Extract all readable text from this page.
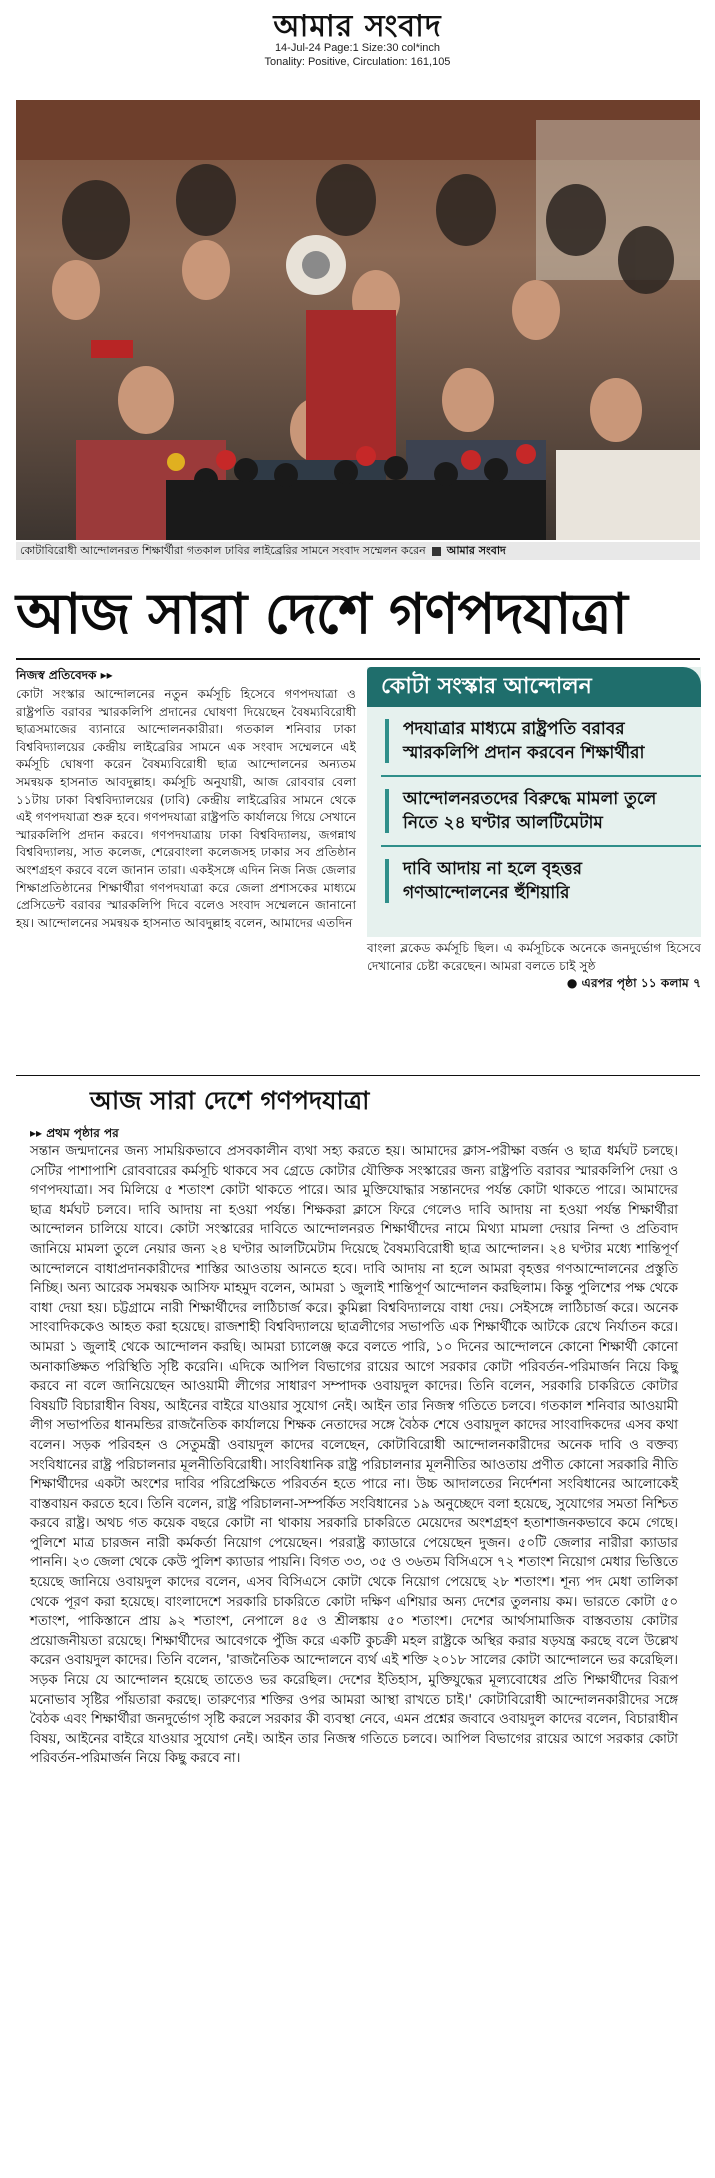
আমার সংবাদ
14-Jul-24 Page:1 Size:30 col*inch
Tonality: Positive, Circulation: 161,105
কোটাবিরোধী আন্দোলনরত শিক্ষার্থীরা গতকাল ঢাবির লাইব্রেরির সামনে সংবাদ সম্মেলন করেন আমার সংবাদ
আজ সারা দেশে গণপদযাত্রা
নিজস্ব প্রতিবেদক ▸▸

কোটা সংস্কার আন্দোলনের নতুন কর্মসূচি হিসেবে গণপদযাত্রা ও রাষ্ট্রপতি বরাবর স্মারকলিপি প্রদানের ঘোষণা দিয়েছেন বৈষম্যবিরোধী ছাত্রসমাজের ব্যানারে আন্দোলনকারীরা। গতকাল শনিবার ঢাকা বিশ্ববিদ্যালয়ের কেন্দ্রীয় লাইব্রেরির সামনে এক সংবাদ সম্মেলনে এই কর্মসূচি ঘোষণা করেন বৈষম্যবিরোধী ছাত্র আন্দোলনের অন্যতম সমন্বয়ক হাসনাত আবদুল্লাহ। কর্মসূচি অনুযায়ী, আজ রোববার বেলা ১১টায় ঢাকা বিশ্ববিদ্যালয়ের (ঢাবি) কেন্দ্রীয় লাইব্রেরির সামনে থেকে এই গণপদযাত্রা শুরু হবে। গণপদযাত্রা রাষ্ট্রপতি কার্যালয়ে গিয়ে সেখানে স্মারকলিপি প্রদান করবে। গণপদযাত্রায় ঢাকা বিশ্ববিদ্যালয়, জগন্নাথ বিশ্ববিদ্যালয়, সাত কলেজ, শেরেবাংলা কলেজসহ ঢাকার সব প্রতিষ্ঠান অংশগ্রহণ করবে বলে জানান তারা। একইসঙ্গে এদিন নিজ নিজ জেলার শিক্ষাপ্রতিষ্ঠানের শিক্ষার্থীরা গণপদযাত্রা করে জেলা প্রশাসকের মাধ্যমে প্রেসিডেন্ট বরাবর স্মারকলিপি দিবে বলেও সংবাদ সম্মেলনে জানানো হয়। আন্দোলনের সমন্বয়ক হাসনাত আবদুল্লাহ বলেন, আমাদের এতদিন

কোটা সংস্কার আন্দোলন
পদযাত্রার মাধ্যমে রাষ্ট্রপতি বরাবর স্মারকলিপি প্রদান করবেন শিক্ষার্থীরা
আন্দোলনরতদের বিরুদ্ধে মামলা তুলে নিতে ২৪ ঘণ্টার আলটিমেটাম
দাবি আদায় না হলে বৃহত্তর গণআন্দোলনের হুঁশিয়ারি
বাংলা ব্লকেড কর্মসূচি ছিল। এ কর্মসূচিকে অনেকে জনদুর্ভোগ হিসেবে দেখানোর চেষ্টা করেছেন। আমরা বলতে চাই সুষ্ঠ
● এরপর পৃষ্ঠা ১১ কলাম ৭
আজ সারা দেশে গণপদযাত্রা
▸▸ প্রথম পৃষ্ঠার পর

সন্তান জন্মদানের জন্য সাময়িকভাবে প্রসবকালীন ব্যথা সহ্য করতে হয়। আমাদের ক্লাস-পরীক্ষা বর্জন ও ছাত্র ধর্মঘট চলছে। সেটির পাশাপাশি রোববারের কর্মসূচি থাকবে সব গ্রেডে কোটার যৌক্তিক সংস্কারের জন্য রাষ্ট্রপতি বরাবর স্মারকলিপি দেয়া ও গণপদযাত্রা। সব মিলিয়ে ৫ শতাংশ কোটা থাকতে পারে। আর মুক্তিযোদ্ধার সন্তানদের পর্যন্ত কোটা থাকতে পারে। আমাদের ছাত্র ধর্মঘট চলবে। দাবি আদায় না হওয়া পর্যন্ত। শিক্ষকরা ক্লাসে ফিরে গেলেও দাবি আদায় না হওয়া পর্যন্ত শিক্ষার্থীরা আন্দোলন চালিয়ে যাবে। কোটা সংস্কারের দাবিতে আন্দোলনরত শিক্ষার্থীদের নামে মিথ্যা মামলা দেয়ার নিন্দা ও প্রতিবাদ জানিয়ে মামলা তুলে নেয়ার জন্য ২৪ ঘণ্টার আলটিমেটাম দিয়েছে বৈষম্যবিরোধী ছাত্র আন্দোলন। ২৪ ঘণ্টার মধ্যে শান্তিপূর্ণ আন্দোলনে বাধাপ্রদানকারীদের শাস্তির আওতায় আনতে হবে। দাবি আদায় না হলে আমরা বৃহত্তর গণআন্দোলনের প্রস্তুতি নিচ্ছি। অন্য আরেক সমন্বয়ক আসিফ মাহমুদ বলেন, আমরা ১ জুলাই শান্তিপূর্ণ আন্দোলন করছিলাম। কিন্তু পুলিশের পক্ষ থেকে বাধা দেয়া হয়। চট্টগ্রামে নারী শিক্ষার্থীদের লাঠিচার্জ করে। কুমিল্লা বিশ্ববিদ্যালয়ে বাধা দেয়। সেইসঙ্গে লাঠিচার্জ করে। অনেক সাংবাদিককেও আহত করা হয়েছে। রাজশাহী বিশ্ববিদ্যালয়ে ছাত্রলীগের সভাপতি এক শিক্ষার্থীকে আটকে রেখে নির্যাতন করে। আমরা ১ জুলাই থেকে আন্দোলন করছি। আমরা চ্যালেঞ্জ করে বলতে পারি, ১০ দিনের আন্দোলনে কোনো শিক্ষার্থী কোনো অনাকাঙ্ক্ষিত পরিস্থিতি সৃষ্টি করেনি। এদিকে আপিল বিভাগের রায়ের আগে সরকার কোটা পরিবর্তন-পরিমার্জন নিয়ে কিছু করবে না বলে জানিয়েছেন আওয়ামী লীগের সাধারণ সম্পাদক ওবায়দুল কাদের। তিনি বলেন, সরকারি চাকরিতে কোটার বিষয়টি বিচারাধীন বিষয়, আইনের বাইরে যাওয়ার সুযোগ নেই। আইন তার নিজস্ব গতিতে চলবে। গতকাল শনিবার আওয়ামী লীগ সভাপতির ধানমন্ডির রাজনৈতিক কার্যালয়ে শিক্ষক নেতাদের সঙ্গে বৈঠক শেষে ওবায়দুল কাদের সাংবাদিকদের এসব কথা বলেন। সড়ক পরিবহন ও সেতুমন্ত্রী ওবায়দুল কাদের বলেছেন, কোটাবিরোধী আন্দোলনকারীদের অনেক দাবি ও বক্তব্য সংবিধানের রাষ্ট্র পরিচালনার মূলনীতিবিরোধী। সাংবিধানিক রাষ্ট্র পরিচালনার মূলনীতির আওতায় প্রণীত কোনো সরকারি নীতি শিক্ষার্থীদের একটা অংশের দাবির পরিপ্রেক্ষিতে পরিবর্তন হতে পারে না। উচ্চ আদালতের নির্দেশনা সংবিধানের আলোকেই বাস্তবায়ন করতে হবে। তিনি বলেন, রাষ্ট্র পরিচালনা-সম্পর্কিত সংবিধানের ১৯ অনুচ্ছেদে বলা হয়েছে, সুযোগের সমতা নিশ্চিত করবে রাষ্ট্র। অথচ গত কয়েক বছরে কোটা না থাকায় সরকারি চাকরিতে মেয়েদের অংশগ্রহণ হতাশাজনকভাবে কমে গেছে। পুলিশে মাত্র চারজন নারী কর্মকর্তা নিয়োগ পেয়েছেন। পররাষ্ট্র ক্যাডারে পেয়েছেন দুজন। ৫০টি জেলার নারীরা ক্যাডার পাননি। ২৩ জেলা থেকে কেউ পুলিশ ক্যাডার পায়নি। বিগত ৩৩, ৩৫ ও ৩৬তম বিসিএসে ৭২ শতাংশ নিয়োগ মেধার ভিত্তিতে হয়েছে জানিয়ে ওবায়দুল কাদের বলেন, এসব বিসিএসে কোটা থেকে নিয়োগ পেয়েছে ২৮ শতাংশ। শূন্য পদ মেধা তালিকা থেকে পূরণ করা হয়েছে। বাংলাদেশে সরকারি চাকরিতে কোটা দক্ষিণ এশিয়ার অন্য দেশের তুলনায় কম। ভারতে কোটা ৫০ শতাংশ, পাকিস্তানে প্রায় ৯২ শতাংশ, নেপালে ৪৫ ও শ্রীলঙ্কায় ৫০ শতাংশ। দেশের আর্থসামাজিক বাস্তবতায় কোটার প্রয়োজনীয়তা রয়েছে। শিক্ষার্থীদের আবেগকে পুঁজি করে একটি কুচক্রী মহল রাষ্ট্রকে অস্থির করার ষড়যন্ত্র করছে বলে উল্লেখ করেন ওবায়দুল কাদের। তিনি বলেন, 'রাজনৈতিক আন্দোলনে ব্যর্থ এই শক্তি ২০১৮ সালের কোটা আন্দোলনে ভর করেছিল। সড়ক নিয়ে যে আন্দোলন হয়েছে তাতেও ভর করেছিল। দেশের ইতিহাস, মুক্তিযুদ্ধের মূল্যবোধের প্রতি শিক্ষার্থীদের বিরূপ মনোভাব সৃষ্টির পাঁয়তারা করছে। তারুণ্যের শক্তির ওপর আমরা আস্থা রাখতে চাই।' কোটাবিরোধী আন্দোলনকারীদের সঙ্গে বৈঠক এবং শিক্ষার্থীরা জনদুর্ভোগ সৃষ্টি করলে সরকার কী ব্যবস্থা নেবে, এমন প্রশ্নের জবাবে ওবায়দুল কাদের বলেন, বিচারাধীন বিষয়, আইনের বাইরে যাওয়ার সুযোগ নেই। আইন তার নিজস্ব গতিতে চলবে। আপিল বিভাগের রায়ের আগে সরকার কোটা পরিবর্তন-পরিমার্জন নিয়ে কিছু করবে না।
